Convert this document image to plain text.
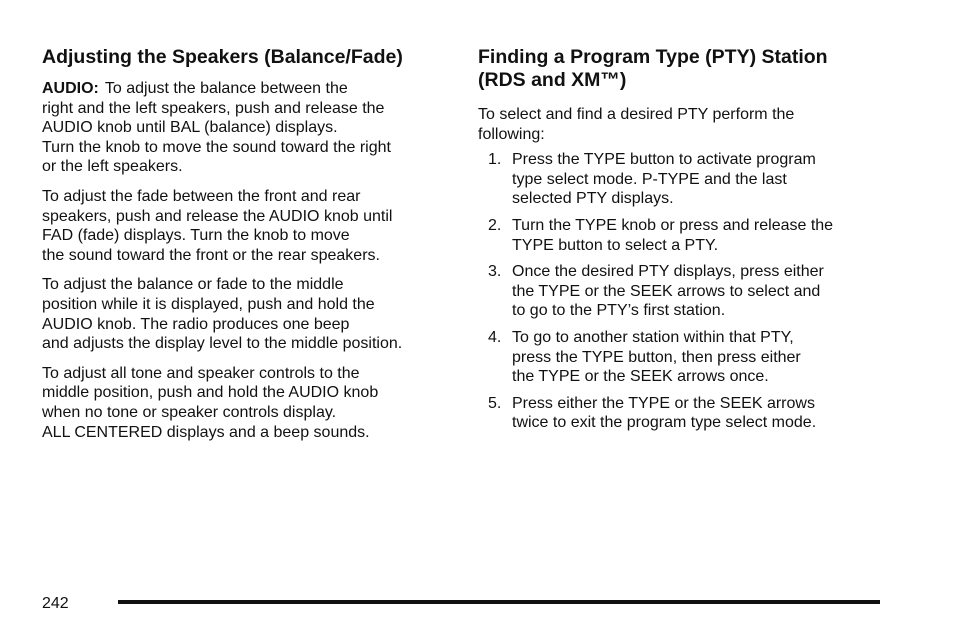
Adjusting the Speakers (Balance/Fade)

AUDIO: To adjust the balance between the
right and the left speakers, push and release the
AUDIO knob until BAL (balance) displays.
Turn the knob to move the sound toward the right
or the left speakers.

To adjust the fade between the front and rear
speakers, push and release the AUDIO knob until
FAD (fade) displays. Turn the knob to move
the sound toward the front or the rear speakers.

To adjust the balance or fade to the middle
position while it is displayed, push and hold the
AUDIO knob. The radio produces one beep
and adjusts the display level to the middle position.

To adjust all tone and speaker controls to the
middle position, push and hold the AUDIO knob
when no tone or speaker controls display.
ALL CENTERED displays and a beep sounds.

Finding a Program Type (PTY) Station
(RDS and XM™)

To select and find a desired PTY perform the
following:

1. Press the TYPE button to activate program
type select mode. P-TYPE and the last
selected PTY displays.
2. Turn the TYPE knob or press and release the
TYPE button to select a PTY.
3. Once the desired PTY displays, press either
the TYPE or the SEEK arrows to select and
to go to the PTY’s first station.
4. To go to another station within that PTY,
press the TYPE button, then press either
the TYPE or the SEEK arrows once.
5. Press either the TYPE or the SEEK arrows
twice to exit the program type select mode.
242
